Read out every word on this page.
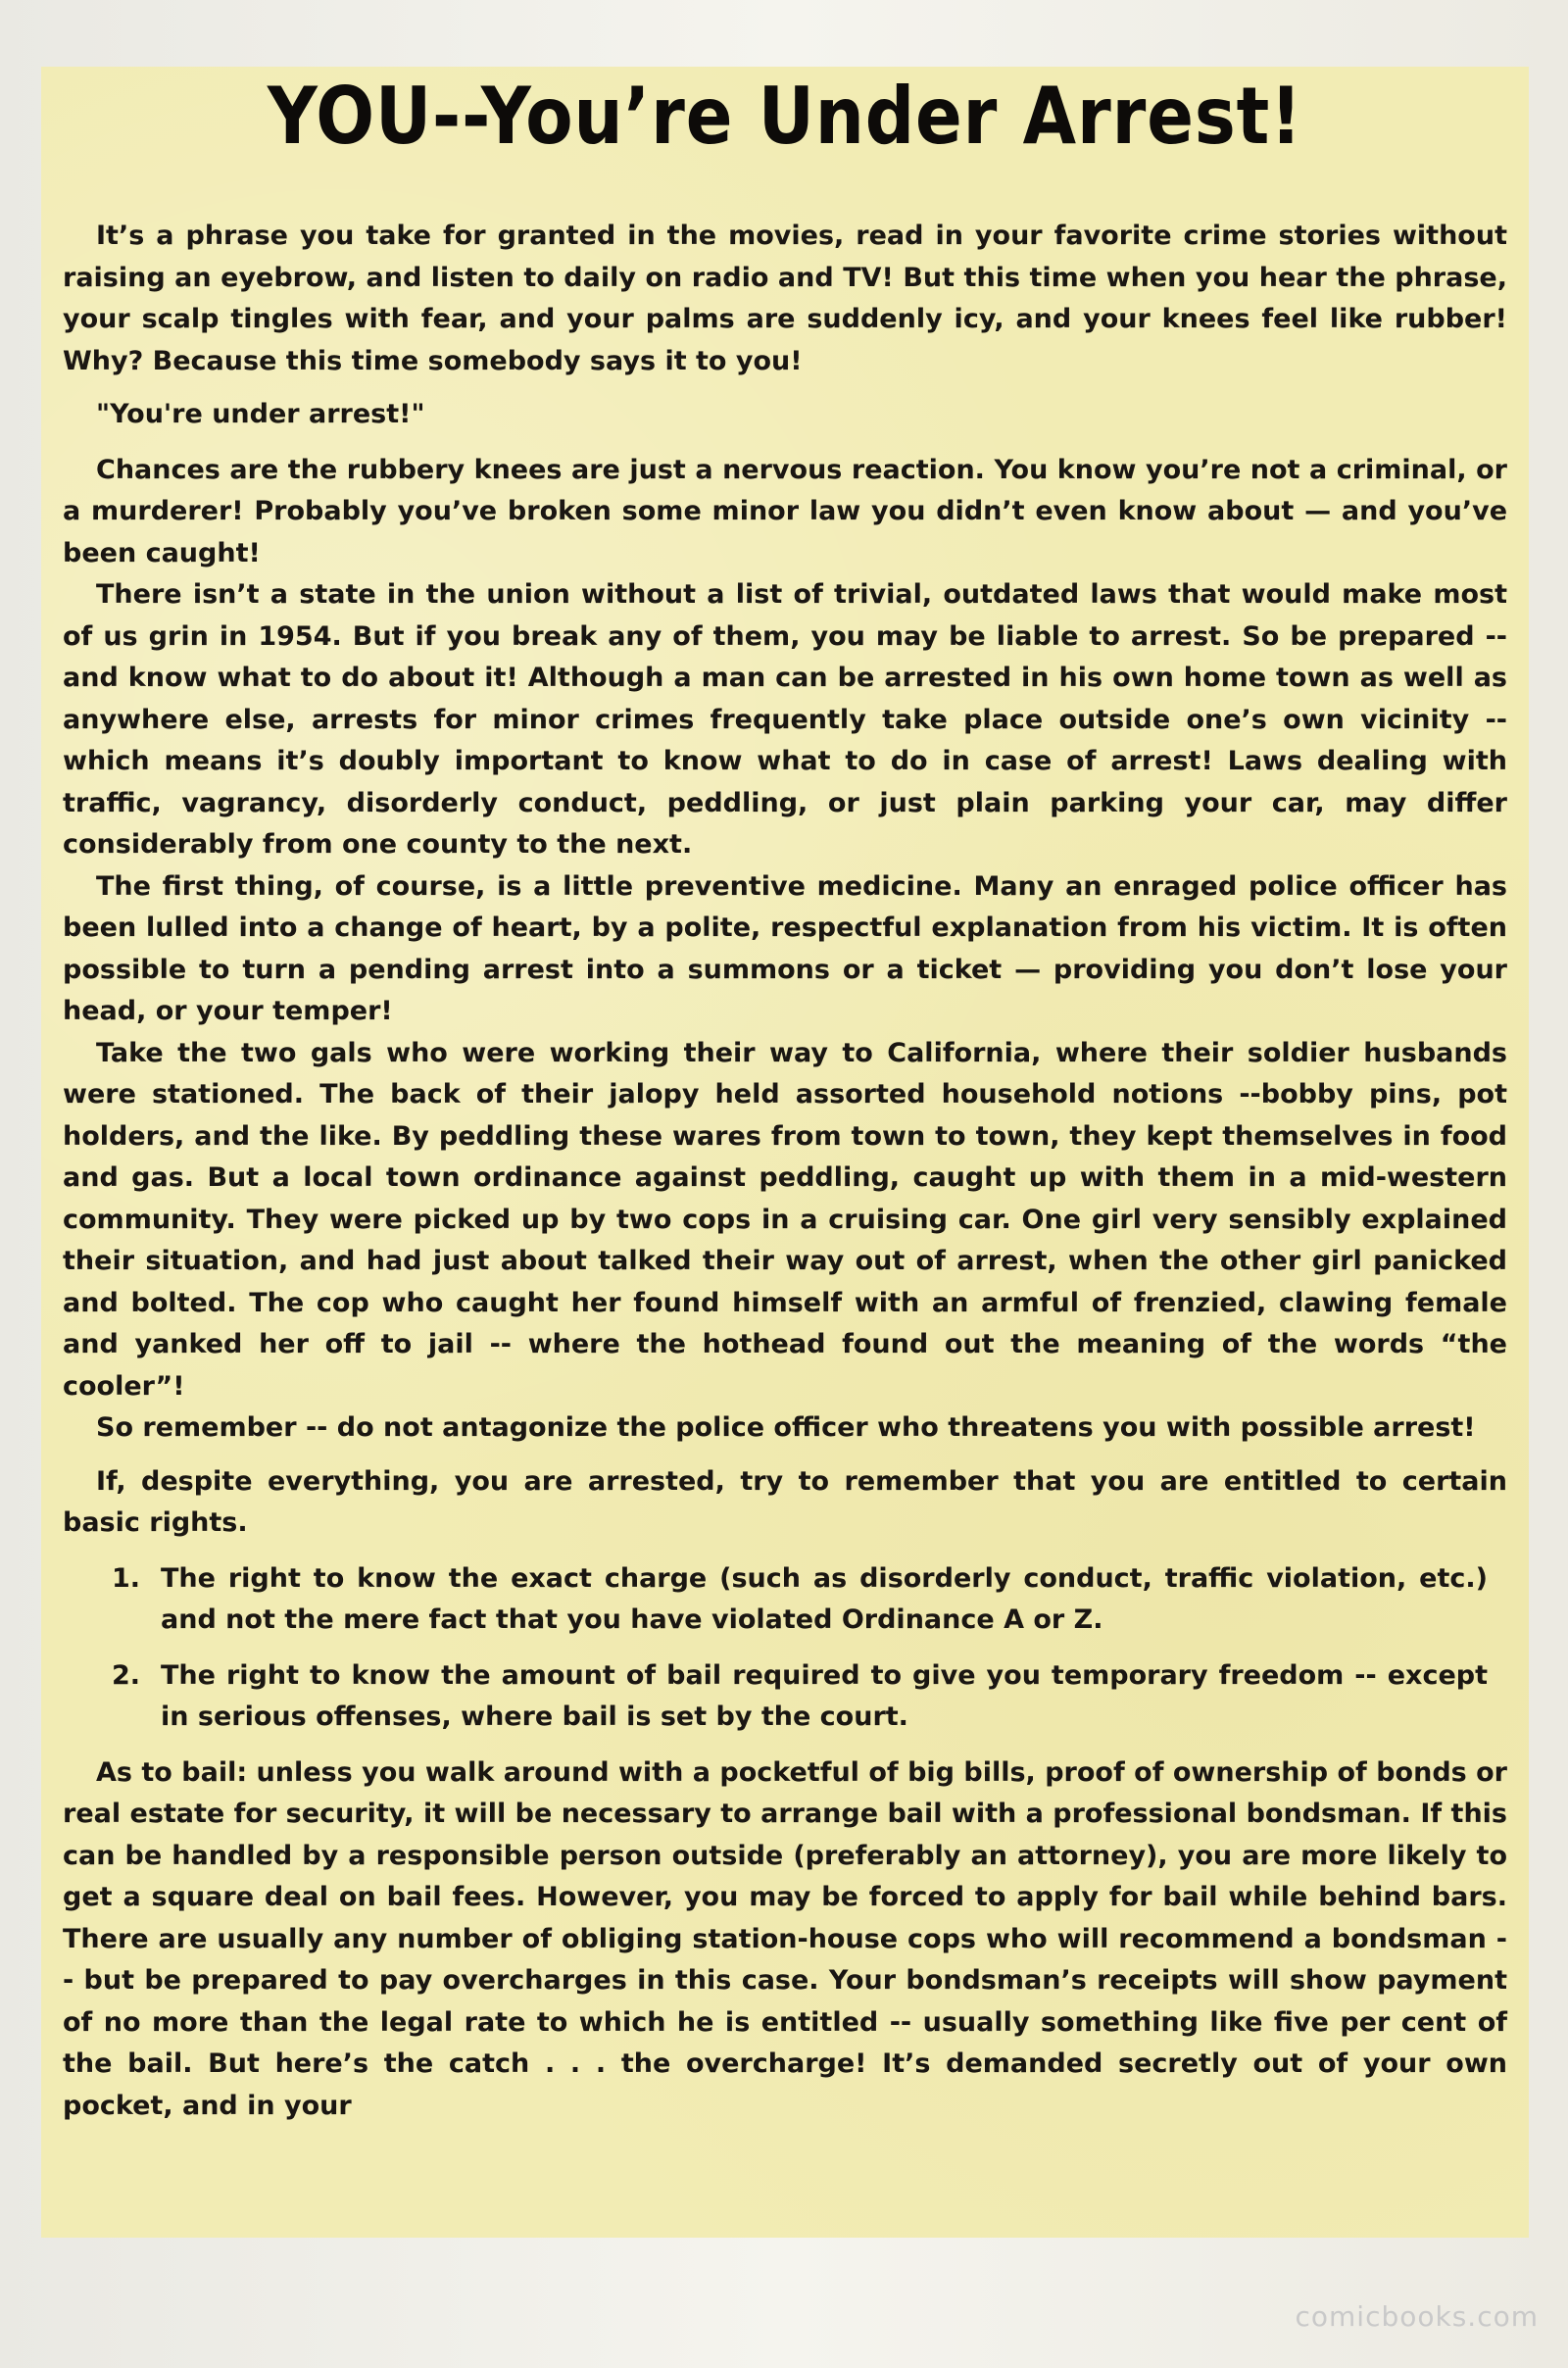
YOU--You’re Under Arrest!

It’s a phrase you take for granted in the movies, read in your favorite crime stories without raising an eyebrow, and listen to daily on radio and TV! But this time when you hear the phrase, your scalp tingles with fear, and your palms are suddenly icy, and your knees feel like rubber! Why? Because this time somebody says it to you!

"You're under arrest!"

Chances are the rubbery knees are just a nervous reaction. You know you’re not a criminal, or a murderer! Probably you’ve broken some minor law you didn’t even know about — and you’ve been caught!

There isn’t a state in the union without a list of trivial, outdated laws that would make most of us grin in 1954. But if you break any of them, you may be liable to arrest. So be prepared -- and know what to do about it! Although a man can be arrested in his own home town as well as anywhere else, arrests for minor crimes frequently take place outside one’s own vicinity -- which means it’s doubly important to know what to do in case of arrest! Laws dealing with traffic, vagrancy, disorderly conduct, peddling, or just plain parking your car, may differ considerably from one county to the next.

The first thing, of course, is a little preventive medicine. Many an enraged police officer has been lulled into a change of heart, by a polite, respectful explanation from his victim. It is often possible to turn a pending arrest into a summons or a ticket — providing you don’t lose your head, or your temper!

Take the two gals who were working their way to California, where their soldier husbands were stationed. The back of their jalopy held assorted household notions --bobby pins, pot holders, and the like. By peddling these wares from town to town, they kept themselves in food and gas. But a local town ordinance against peddling, caught up with them in a mid-western community. They were picked up by two cops in a cruising car. One girl very sensibly explained their situation, and had just about talked their way out of arrest, when the other girl panicked and bolted. The cop who caught her found himself with an armful of frenzied, clawing female and yanked her off to jail -- where the hothead found out the meaning of the words “the cooler”!

So remember -- do not antagonize the police officer who threatens you with possible arrest!

If, despite everything, you are arrested, try to remember that you are entitled to certain basic rights.

1. The right to know the exact charge (such as disorderly conduct, traffic violation, etc.) and not the mere fact that you have violated Ordinance A or Z.
2. The right to know the amount of bail required to give you temporary freedom -- except in serious offenses, where bail is set by the court.

As to bail: unless you walk around with a pocketful of big bills, proof of ownership of bonds or real estate for security, it will be necessary to arrange bail with a professional bondsman. If this can be handled by a responsible person outside (preferably an attorney), you are more likely to get a square deal on bail fees. However, you may be forced to apply for bail while behind bars. There are usually any number of obliging station-house cops who will recommend a bondsman -- but be prepared to pay overcharges in this case. Your bondsman’s receipts will show payment of no more than the legal rate to which he is entitled -- usually something like five per cent of the bail. But here’s the catch . . . the overcharge! It’s demanded secretly out of your own pocket, and in your

comicbooks.com
